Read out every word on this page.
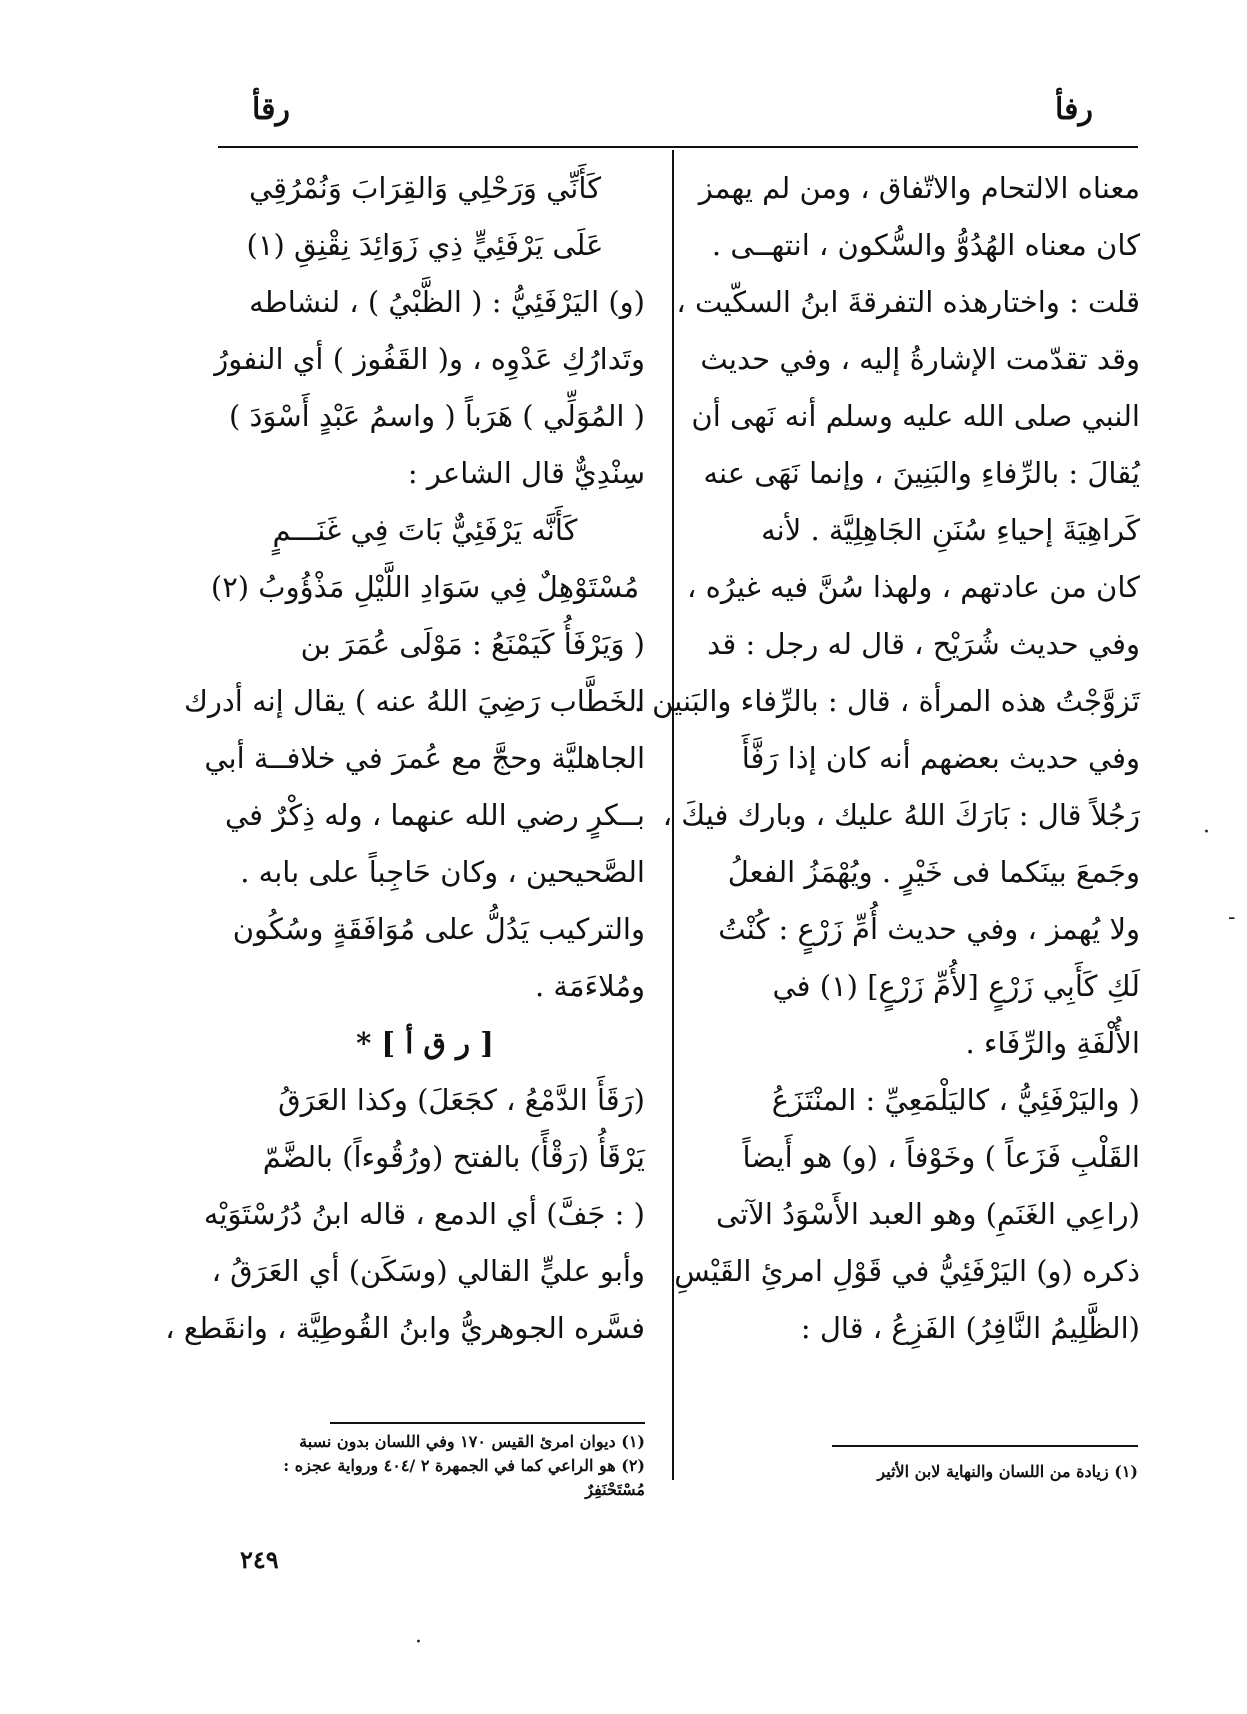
رقأ	رفأ
معناه الالتحام والاتّفاق ، ومن لم يهمز
كان معناه الهُدُوُّ والسُّكون ، انتهــى .
قلت : واختارهذه التفرقةَ ابنُ السكّيت ،
وقد تقدّمت الإشارةُ إليه ، وفي حديث
النبي صلى الله عليه وسلم أنه نَهى أن
يُقالَ : بالرِّفاءِ والبَنِينَ ، وإنما نَهَى عنه
كَراهِيَةَ إحياءِ سُنَنِ الجَاهِلِيَّة . لأنه
كان من عادتهم ، ولهذا سُنَّ فيه غيرُه ،
وفي حديث شُرَيْح ، قال له رجل : قد
تَزوَّجْتُ هذه المرأة ، قال : بالرِّفاء والبَنين .
وفي حديث بعضهم أنه كان إذا رَفَّأَ
رَجُلاً قال : بَارَكَ اللهُ عليك ، وبارك فيكَ ،
وجَمعَ بينَكما فى خَيْرٍ . ويُهْمَزُ الفعلُ
ولا يُهمز ، وفي حديث أُمِّ زَرْعٍ : كُنْتُ
لَكِ كَأَبِي زَرْعٍ [لأُمِّ زَرْعٍ] (١) في
الأُلْفَةِ والرِّفَاء .
( واليَرْفَئِيُّ ، كاليَلْمَعِيِّ : المنْتَزَعُ
القَلْبِ فَزَعاً ) وخَوْفاً ، (و) هو أَيضاً
(راعِي الغَنَمِ) وهو العبد الأَسْوَدُ الآتى
ذكره (و) اليَرْفَئِيُّ في قَوْلِ امرئِ القَيْسِ
(الظَّلِيمُ النَّافِرُ) الفَزِعُ ، قال :
كَأَنِّي وَرَحْلِي وَالقِرَابَ وَنُمْرُقِي
عَلَى يَرْفَئِيٍّ ذِي زَوَائِدَ نِقْنِقِ (١)
(و) اليَرْفَئِيُّ : ( الظَّبْيُ ) ، لنشاطه
وتَدارُكِ عَدْوِه ، و( القَفُوز ) أي النفورُ
( المُوَلِّي ) هَرَباً ( واسمُ عَبْدٍ أَسْوَدَ )
سِنْدِيٌّ قال الشاعر :
كَأَنَّه يَرْفَئِيٌّ بَاتَ فِي غَنَـــمٍ
مُسْتَوْهِلٌ فِي سَوَادِ اللَّيْلِ مَذْؤُوبُ (٢)
( وَيَرْفَأُ كَيَمْنَعُ : مَوْلَى عُمَرَ بن
الخَطَّاب رَضِيَ اللهُ عنه ) يقال إنه أدرك
الجاهليَّة وحجَّ مع عُمرَ في خلافــة أبي
بــكرٍ رضي الله عنهما ، وله ذِكْرٌ في
الصَّحيحين ، وكان حَاجِباً على بابه .
والتركيب يَدُلُّ على مُوَافَقَةٍ وسُكُون
ومُلاءَمَة .
[ ر ق أ ] *
(رَقَأَ الدَّمْعُ ، كجَعَلَ) وكذا العَرَقُ
يَرْقَأُ (رَقْأً) بالفتح (ورُقُوءاً) بالضَّمّ
( : جَفَّ) أي الدمع ، قاله ابنُ دُرُسْتَوَيْه
وأبو عليٍّ القالي (وسَكَن) أي العَرَقُ ،
فسَّره الجوهريُّ وابنُ القُوطِيَّة ، وانقَطع ،
(١) زيادة من اللسان والنهاية لابن الأثير
(١) ديوان امرئ القيس ١٧٠ وفي اللسان بدون نسبة
(٢) هو الراعي كما في الجمهرة ٢ /٤٠٤ ورواية عجزه :
مُسْتَحْنَفِرٌ
٢٤٩
·
-
·
